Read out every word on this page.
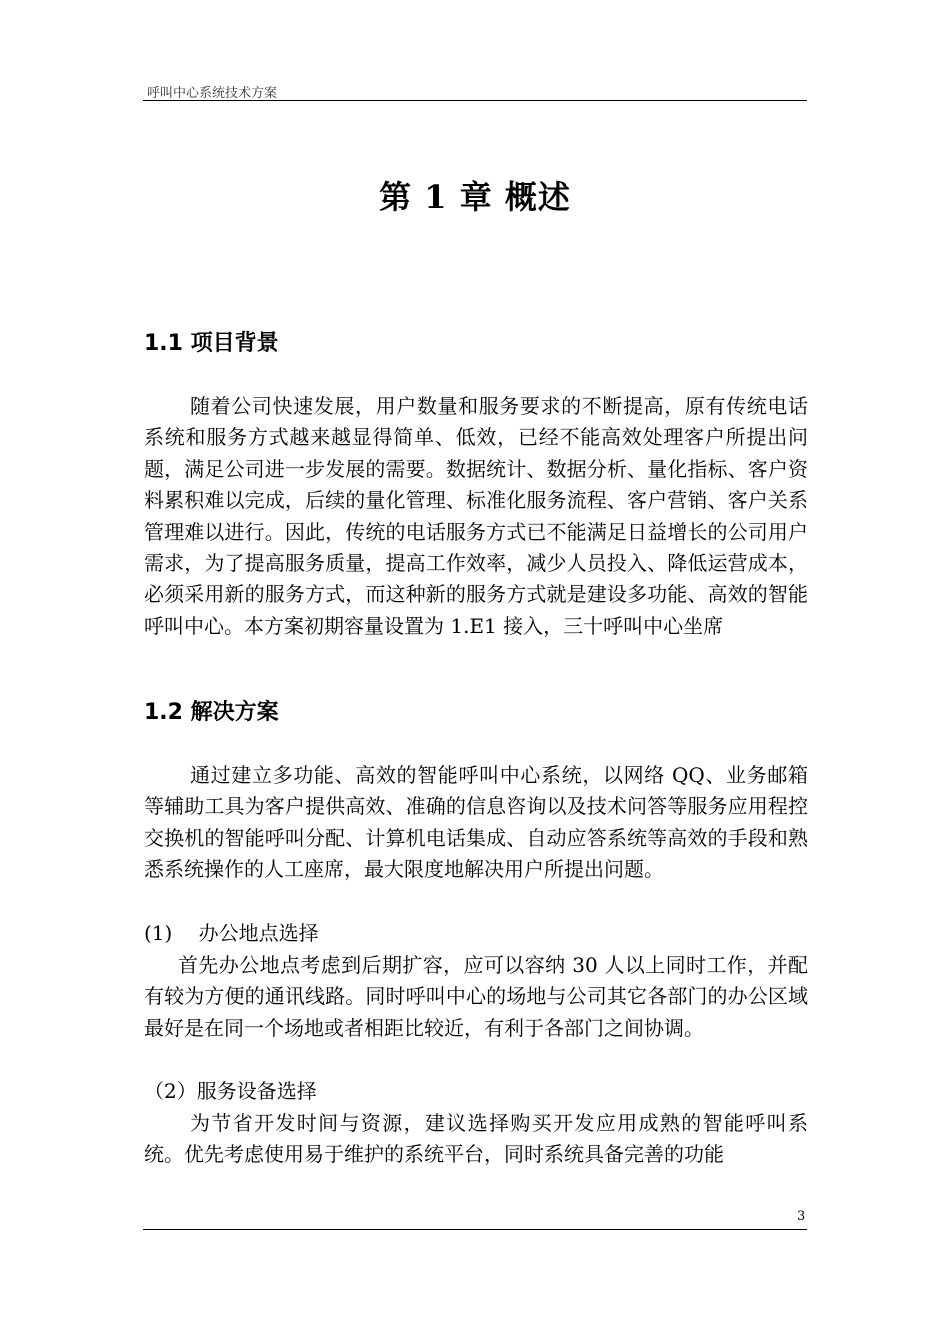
呼叫中心系统技术方案
第 1 章 概述
1.1 项目背景

随着公司快速发展，用户数量和服务要求的不断提高，原有传统电话系统和服务方式越来越显得简单、低效，已经不能高效处理客户所提出问题，满足公司进一步发展的需要。数据统计、数据分析、量化指标、客户资料累积难以完成，后续的量化管理、标准化服务流程、客户营销、客户关系管理难以进行。因此，传统的电话服务方式已不能满足日益增长的公司用户需求，为了提高服务质量，提高工作效率，减少人员投入、降低运营成本，必须采用新的服务方式，而这种新的服务方式就是建设多功能、高效的智能呼叫中心。本方案初期容量设置为 1.E1 接入，三十呼叫中心坐席

1.2 解决方案

通过建立多功能、高效的智能呼叫中心系统，以网络 QQ、业务邮箱等辅助工具为客户提供高效、准确的信息咨询以及技术问答等服务应用程控交换机的智能呼叫分配、计算机电话集成、自动应答系统等高效的手段和熟悉系统操作的人工座席，最大限度地解决用户所提出问题。

(1)　 办公地点选择

首先办公地点考虑到后期扩容，应可以容纳 30 人以上同时工作，并配有较为方便的通讯线路。同时呼叫中心的场地与公司其它各部门的办公区域最好是在同一个场地或者相距比较近，有利于各部门之间协调。

（2）服务设备选择

为节省开发时间与资源，建议选择购买开发应用成熟的智能呼叫系统。优先考虑使用易于维护的系统平台，同时系统具备完善的功能

3
